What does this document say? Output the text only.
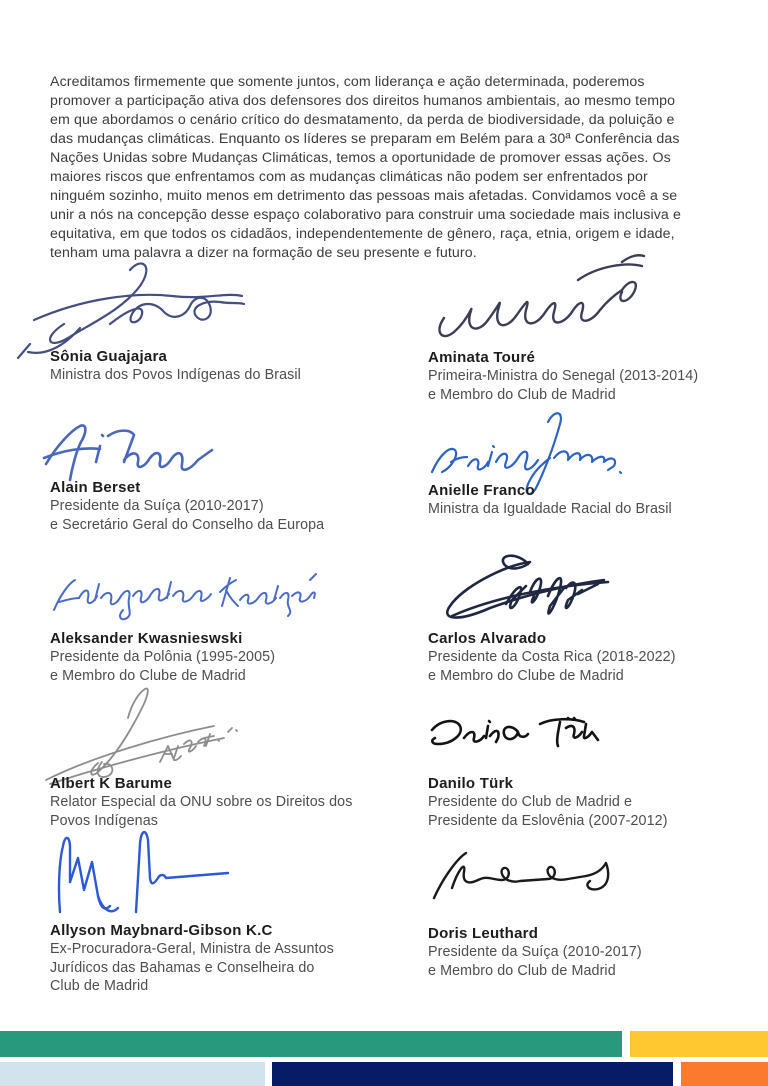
Acreditamos firmemente que somente juntos, com liderança e ação determinada, poderemos
promover a participação ativa dos defensores dos direitos humanos ambientais, ao mesmo tempo
em que abordamos o cenário crítico do desmatamento, da perda de biodiversidade, da poluição e
das mudanças climáticas. Enquanto os líderes se preparam em Belém para a 30ª Conferência das
Nações Unidas sobre Mudanças Climáticas, temos a oportunidade de promover essas ações. Os
maiores riscos que enfrentamos com as mudanças climáticas não podem ser enfrentados por
ninguém sozinho, muito menos em detrimento das pessoas mais afetadas. Convidamos você a se
unir a nós na concepção desse espaço colaborativo para construir uma sociedade mais inclusiva e
equitativa, em que todos os cidadãos, independentemente de gênero, raça, etnia, origem e idade,
tenham uma palavra a dizer na formação de seu presente e futuro.
Sônia Guajajara
Ministra dos Povos Indígenas do Brasil
Aminata Touré
Primeira-Ministra do Senegal (2013-2014)
e Membro do Club de Madrid
Alain Berset
Presidente da Suíça (2010-2017)
e Secretário Geral do Conselho da Europa
Anielle Franco
Ministra da Igualdade Racial do Brasil
Aleksander Kwasnieswski
Presidente da Polônia (1995-2005)
e Membro do Clube de Madrid
Carlos Alvarado
Presidente da Costa Rica (2018-2022)
e Membro do Clube de Madrid
Albert K Barume
Relator Especial da ONU sobre os Direitos dos
Povos Indígenas
Danilo Türk
Presidente do Club de Madrid e
Presidente da Eslovênia (2007-2012)
Allyson Maybnard-Gibson K.C
Ex-Procuradora-Geral, Ministra de Assuntos
Jurídicos das Bahamas e Conselheira do
Club de Madrid
Doris Leuthard
Presidente da Suíça (2010-2017)
e Membro do Club de Madrid
